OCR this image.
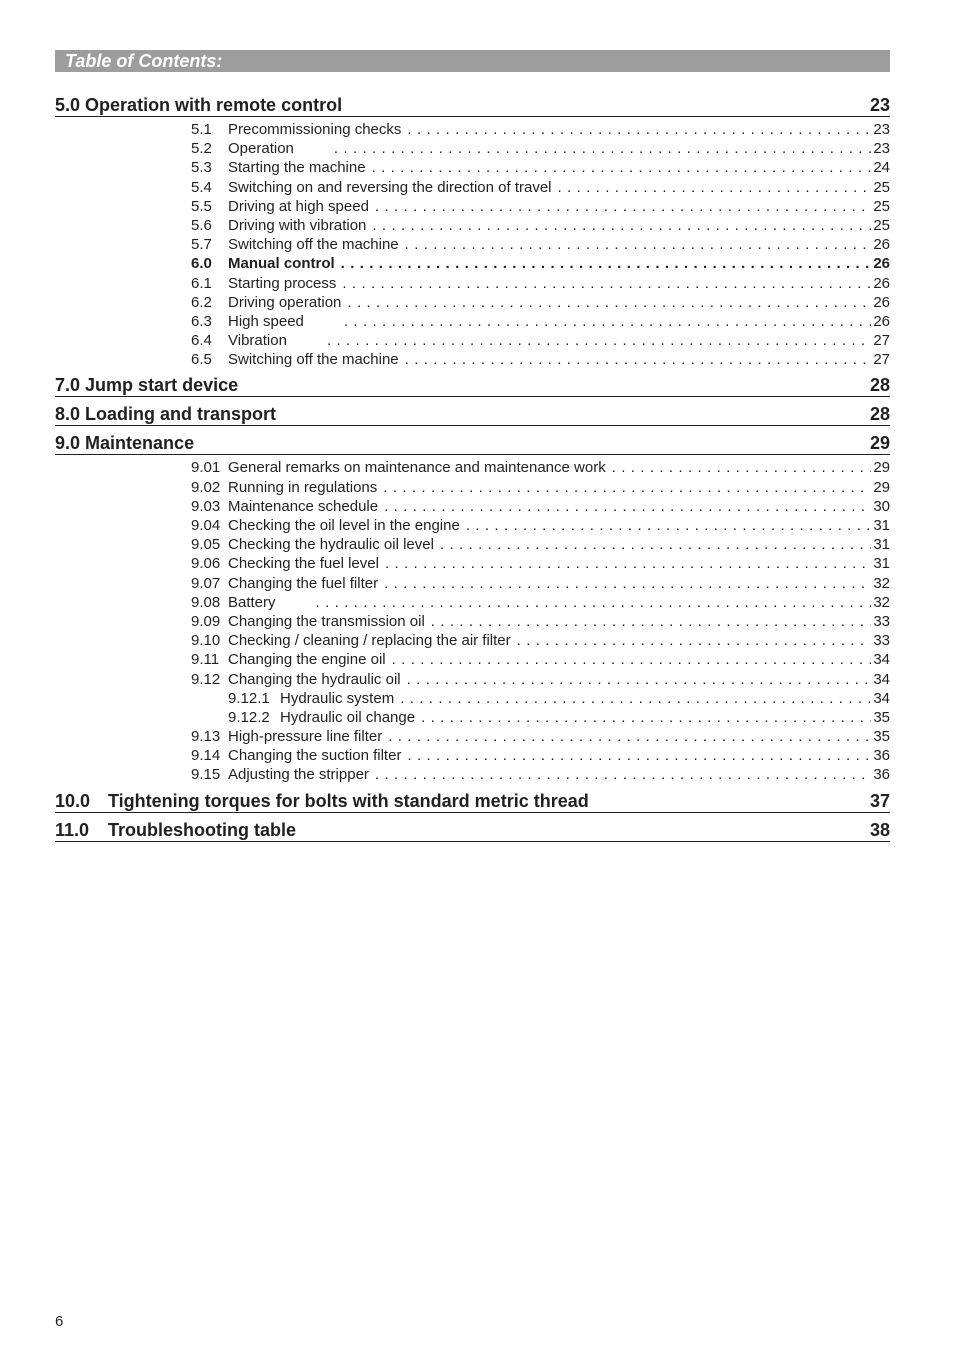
Table of Contents:
5.0 Operation with remote control	23
5.1	Precommissioning checks . . .	23
5.2	Operation . . .	23
5.3	Starting the machine . . .	24
5.4	Switching on and reversing the direction of travel . . .	25
5.5	Driving at high speed . . .	25
5.6	Driving with vibration . . .	25
5.7	Switching off the machine . . .	26
6.0	Manual control . . .	26
6.1	Starting process . . .	26
6.2	Driving operation . . .	26
6.3	High speed . . .	26
6.4	Vibration . . .	27
6.5	Switching off the machine . . .	27
7.0 Jump start device	28
8.0 Loading and transport	28
9.0 Maintenance	29
9.01 General remarks on maintenance and maintenance work . . .	29
9.02 Running in regulations . . .	29
9.03 Maintenance schedule . . .	30
9.04 Checking the oil level in the engine . . .	31
9.05 Checking the hydraulic oil level . . .	31
9.06 Checking the fuel level . . .	31
9.07 Changing the fuel filter . . .	32
9.08 Battery . . .	32
9.09 Changing the transmission oil . . .	33
9.10 Checking / cleaning / replacing the air filter . . .	33
9.11 Changing the engine oil . . .	34
9.12 Changing the hydraulic oil . . .	34
9.12.1 Hydraulic system . . .	34
9.12.2 Hydraulic oil change . . .	35
9.13 High-pressure line filter . . .	35
9.14 Changing the suction filter . . .	36
9.15 Adjusting the stripper . . .	36
10.0 Tightening torques for bolts with standard metric thread	37
11.0 Troubleshooting table	38
6
